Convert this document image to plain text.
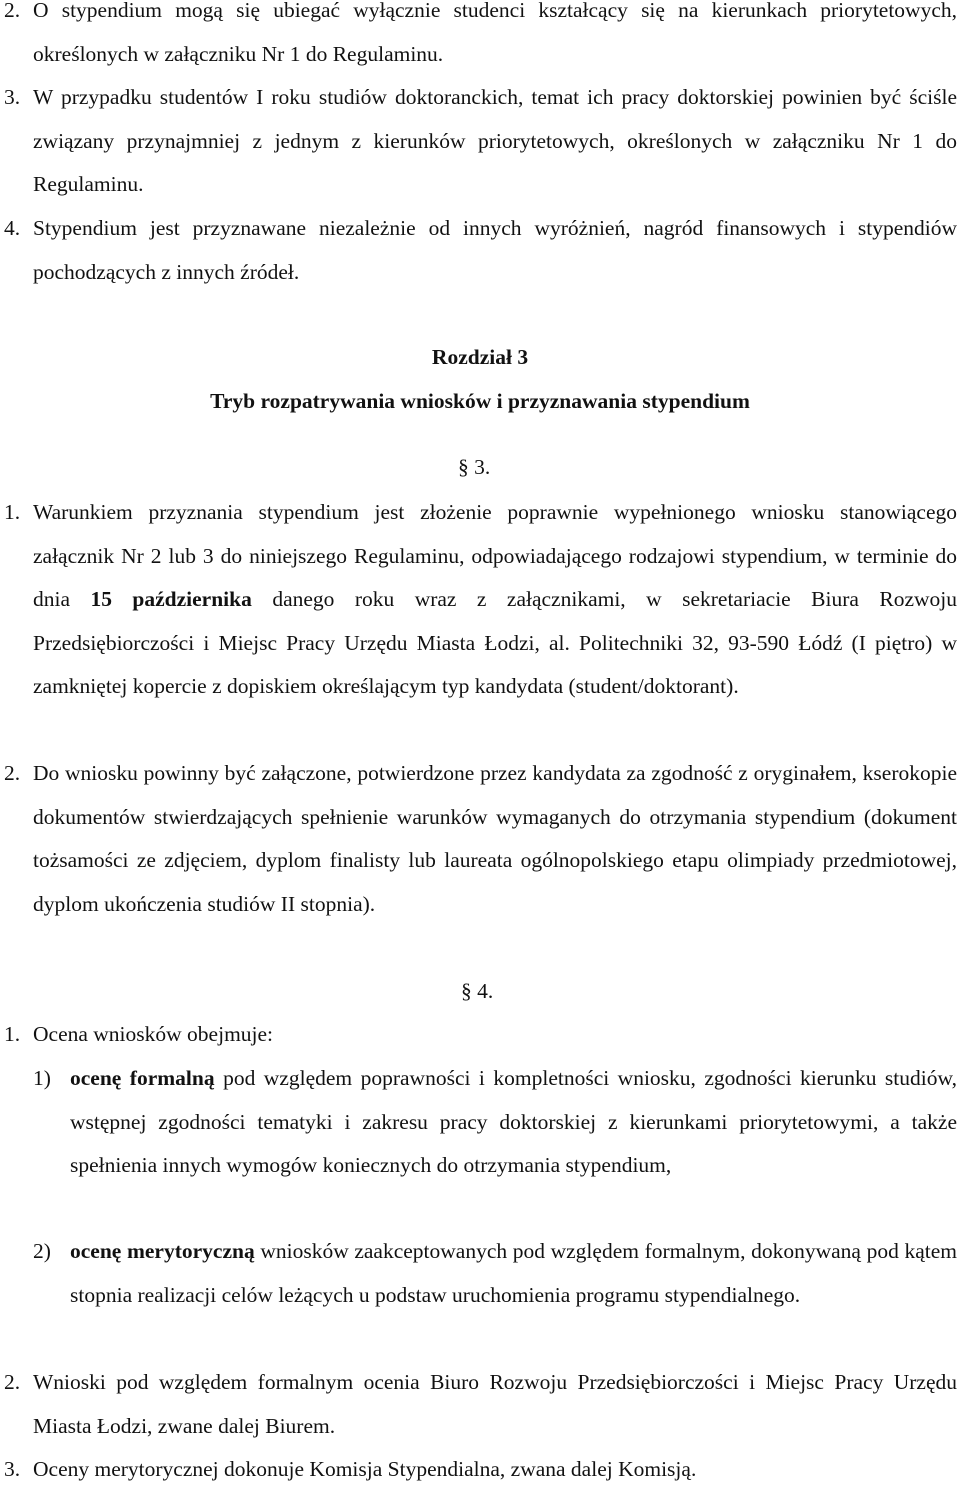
2. O stypendium mogą się ubiegać wyłącznie studenci kształcący się na kierunkach priorytetowych, określonych w załączniku Nr 1 do Regulaminu.
3. W przypadku studentów I roku studiów doktoranckich, temat ich pracy doktorskiej powinien być ściśle związany przynajmniej z jednym z kierunków priorytetowych, określonych w załączniku Nr 1 do Regulaminu.
4. Stypendium jest przyznawane niezależnie od innych wyróżnień, nagród finansowych i stypendiów pochodzących z innych źródeł.
Rozdział 3
Tryb rozpatrywania wniosków i przyznawania stypendium
§ 3.
1. Warunkiem przyznania stypendium jest złożenie poprawnie wypełnionego wniosku stanowiącego załącznik Nr 2 lub 3 do niniejszego Regulaminu, odpowiadającego rodzajowi stypendium, w terminie do dnia 15 października danego roku wraz z załącznikami, w sekretariacie Biura Rozwoju Przedsiębiorczości i Miejsc Pracy Urzędu Miasta Łodzi, al. Politechniki 32, 93-590 Łódź (I piętro) w zamkniętej kopercie z dopiskiem określającym typ kandydata (student/doktorant).
2. Do wniosku powinny być załączone, potwierdzone przez kandydata za zgodność z oryginałem, kserokopie dokumentów stwierdzających spełnienie warunków wymaganych do otrzymania stypendium (dokument tożsamości ze zdjęciem, dyplom finalisty lub laureata ogólnopolskiego etapu olimpiady przedmiotowej, dyplom ukończenia studiów II stopnia).
§ 4.
1. Ocena wniosków obejmuje:
1) ocenę formalną pod względem poprawności i kompletności wniosku, zgodności kierunku studiów, wstępnej zgodności tematyki i zakresu pracy doktorskiej z kierunkami priorytetowymi, a także spełnienia innych wymogów koniecznych do otrzymania stypendium,
2) ocenę merytoryczną wniosków zaakceptowanych pod względem formalnym, dokonywaną pod kątem stopnia realizacji celów leżących u podstaw uruchomienia programu stypendialnego.
2. Wnioski pod względem formalnym ocenia Biuro Rozwoju Przedsiębiorczości i Miejsc Pracy Urzędu Miasta Łodzi, zwane dalej Biurem.
3. Oceny merytorycznej dokonuje Komisja Stypendialna, zwana dalej Komisją.
